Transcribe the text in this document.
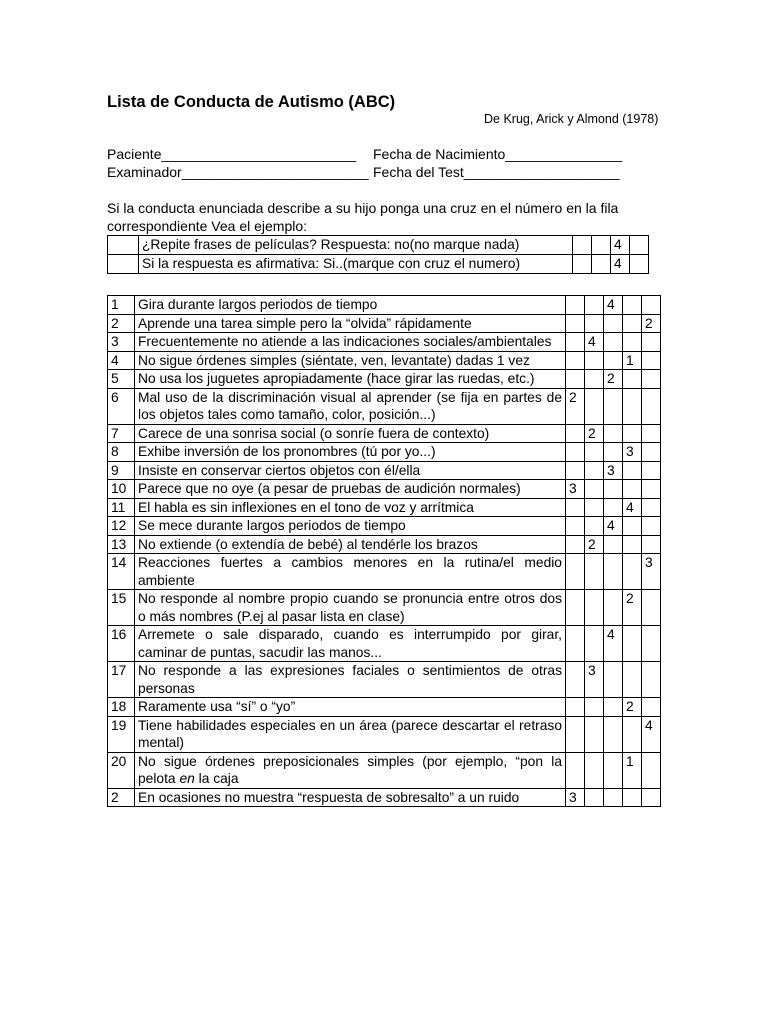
Lista de Conducta de Autismo (ABC)
De Krug, Arick y Almond (1978)
Paciente_________________________ Fecha de Nacimiento_______________
Examinador________________________ Fecha del Test____________________
Si la conducta enunciada describe a su hijo ponga una cruz en el número en la fila correspondiente Vea el ejemplo:
	¿Repite frases de películas? Respuesta: no(no marque nada)			4	
	Si la respuesta es afirmativa: Si..(marque con cruz el numero)			4	
1	Gira durante largos periodos de tiempo			4		
2	Aprende una tarea simple pero la “olvida” rápidamente					2
3	Frecuentemente no atiende a las indicaciones sociales/ambientales		4			
4	No sigue órdenes simples (siéntate, ven, levantate) dadas 1 vez				1	
5	No usa los juguetes apropiadamente (hace girar las ruedas, etc.)			2		
6	Mal uso de la discriminación visual al aprender (se fija en partes de los objetos tales como tamaño, color, posición...)	2				
7	Carece de una sonrisa social (o sonríe fuera de contexto)		2			
8	Exhibe inversión de los pronombres (tú por yo...)				3	
9	Insiste en conservar ciertos objetos con él/ella			3		
10	Parece que no oye (a pesar de pruebas de audición normales)	3				
11	El habla es sin inflexiones en el tono de voz y arrítmica				4	
12	Se mece durante largos periodos de tiempo			4		
13	No extiende (o extendía de bebé) al tendérle los brazos		2			
14	Reacciones fuertes a cambios menores en la rutina/el medio ambiente					3
15	No responde al nombre propio cuando se pronuncia entre otros dos o más nombres (P.ej al pasar lista en clase)				2	
16	Arremete o sale disparado, cuando es interrumpido por girar, caminar de puntas, sacudir las manos...			4		
17	No responde a las expresiones faciales o sentimientos de otras personas		3			
18	Raramente usa “sí” o “yo”				2	
19	Tiene habilidades especiales en un área (parece descartar el retraso mental)					4
20	No sigue órdenes preposicionales simples (por ejemplo, “pon la pelota en la caja				1	
2	En ocasiones no muestra “respuesta de sobresalto” a un ruido	3				
